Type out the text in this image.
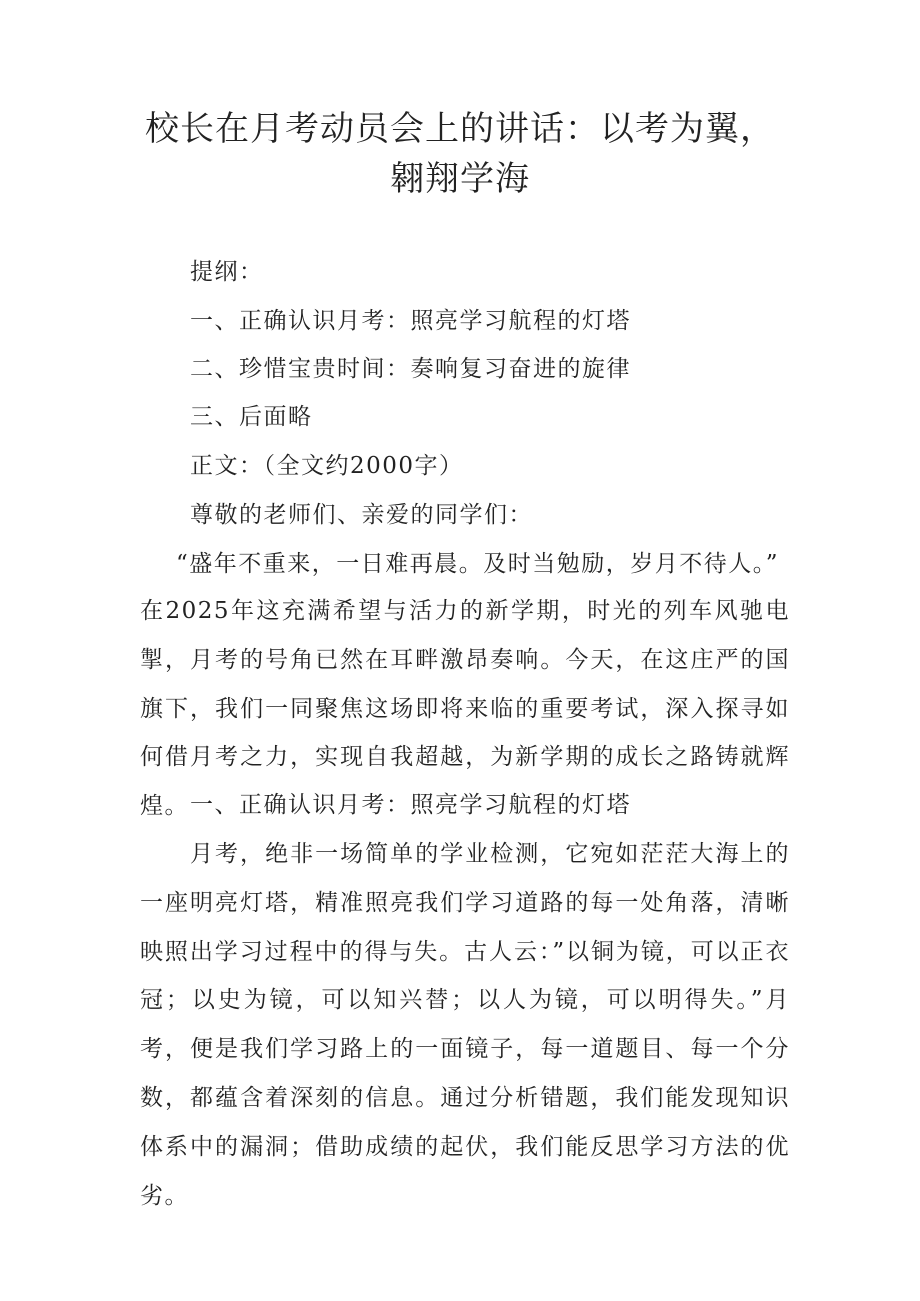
校长在月考动员会上的讲话：以考为翼，翱翔学海
提纲：
一、正确认识月考：照亮学习航程的灯塔
二、珍惜宝贵时间：奏响复习奋进的旋律
三、后面略
正文：（全文约2000字）
尊敬的老师们、亲爱的同学们：
“盛年不重来，一日难再晨。及时当勉励，岁月不待人。”

在2025年这充满希望与活力的新学期，时光的列车风驰电掣，月考的号角已然在耳畔激昂奏响。今天，在这庄严的国旗下，我们一同聚焦这场即将来临的重要考试，深入探寻如何借月考之力，实现自我超越，为新学期的成长之路铸就辉煌。 一、正确认识月考：照亮学习航程的灯塔

月考，绝非一场简单的学业检测，它宛如茫茫大海上的一座明亮灯塔，精准照亮我们学习道路的每一处角落，清晰映照出学习过程中的得与失。古人云：”以铜为镜，可以正衣冠；以史为镜，可以知兴替；以人为镜，可以明得失。”月考，便是我们学习路上的一面镜子，每一道题目、每一个分数，都蕴含着深刻的信息。通过分析错题，我们能发现知识体系中的漏洞；借助成绩的起伏，我们能反思学习方法的优劣。
